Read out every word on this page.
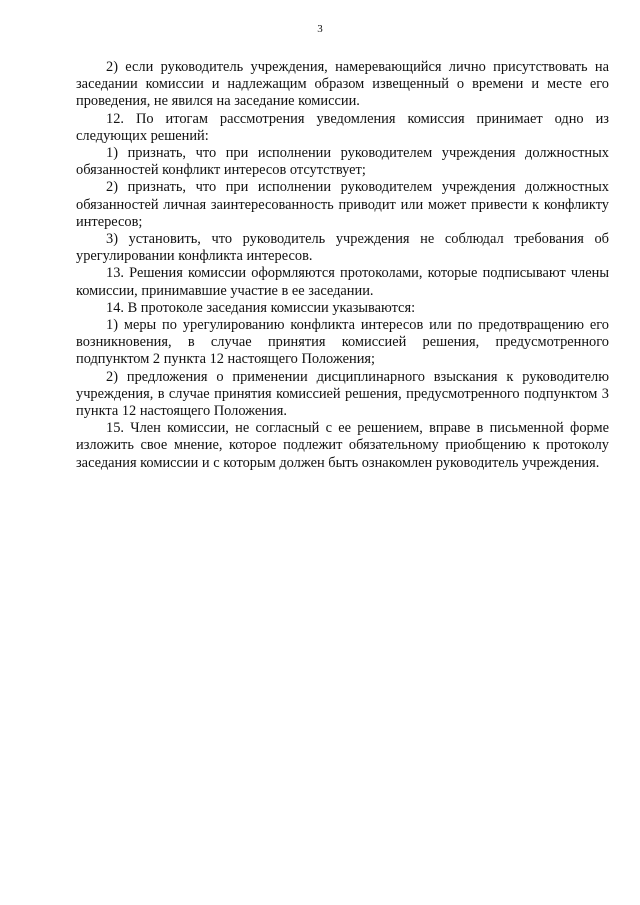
3

2) если руководитель учреждения, намеревающийся лично присутствовать на заседании комиссии и надлежащим образом извещенный о времени и месте его проведения, не явился на заседание комиссии.

12. По итогам рассмотрения уведомления комиссия принимает одно из следующих решений:

1) признать, что при исполнении руководителем учреждения должностных обязанностей конфликт интересов отсутствует;

2) признать, что при исполнении руководителем учреждения должностных обязанностей личная заинтересованность приводит или может привести к конфликту интересов;

3) установить, что руководитель учреждения не соблюдал требования об урегулировании конфликта интересов.

13. Решения комиссии оформляются протоколами, которые подписывают члены комиссии, принимавшие участие в ее заседании.

14. В протоколе заседания комиссии указываются:

1) меры по урегулированию конфликта интересов или по предотвращению его возникновения, в случае принятия комиссией решения, предусмотренного подпунктом 2 пункта 12 настоящего Положения;

2) предложения о применении дисциплинарного взыскания к руководителю учреждения, в случае принятия комиссией решения, предусмотренного подпунктом 3 пункта 12 настоящего Положения.

15. Член комиссии, не согласный с ее решением, вправе в письменной форме изложить свое мнение, которое подлежит обязательному приобщению к протоколу заседания комиссии и с которым должен быть ознакомлен руководитель учреждения.
